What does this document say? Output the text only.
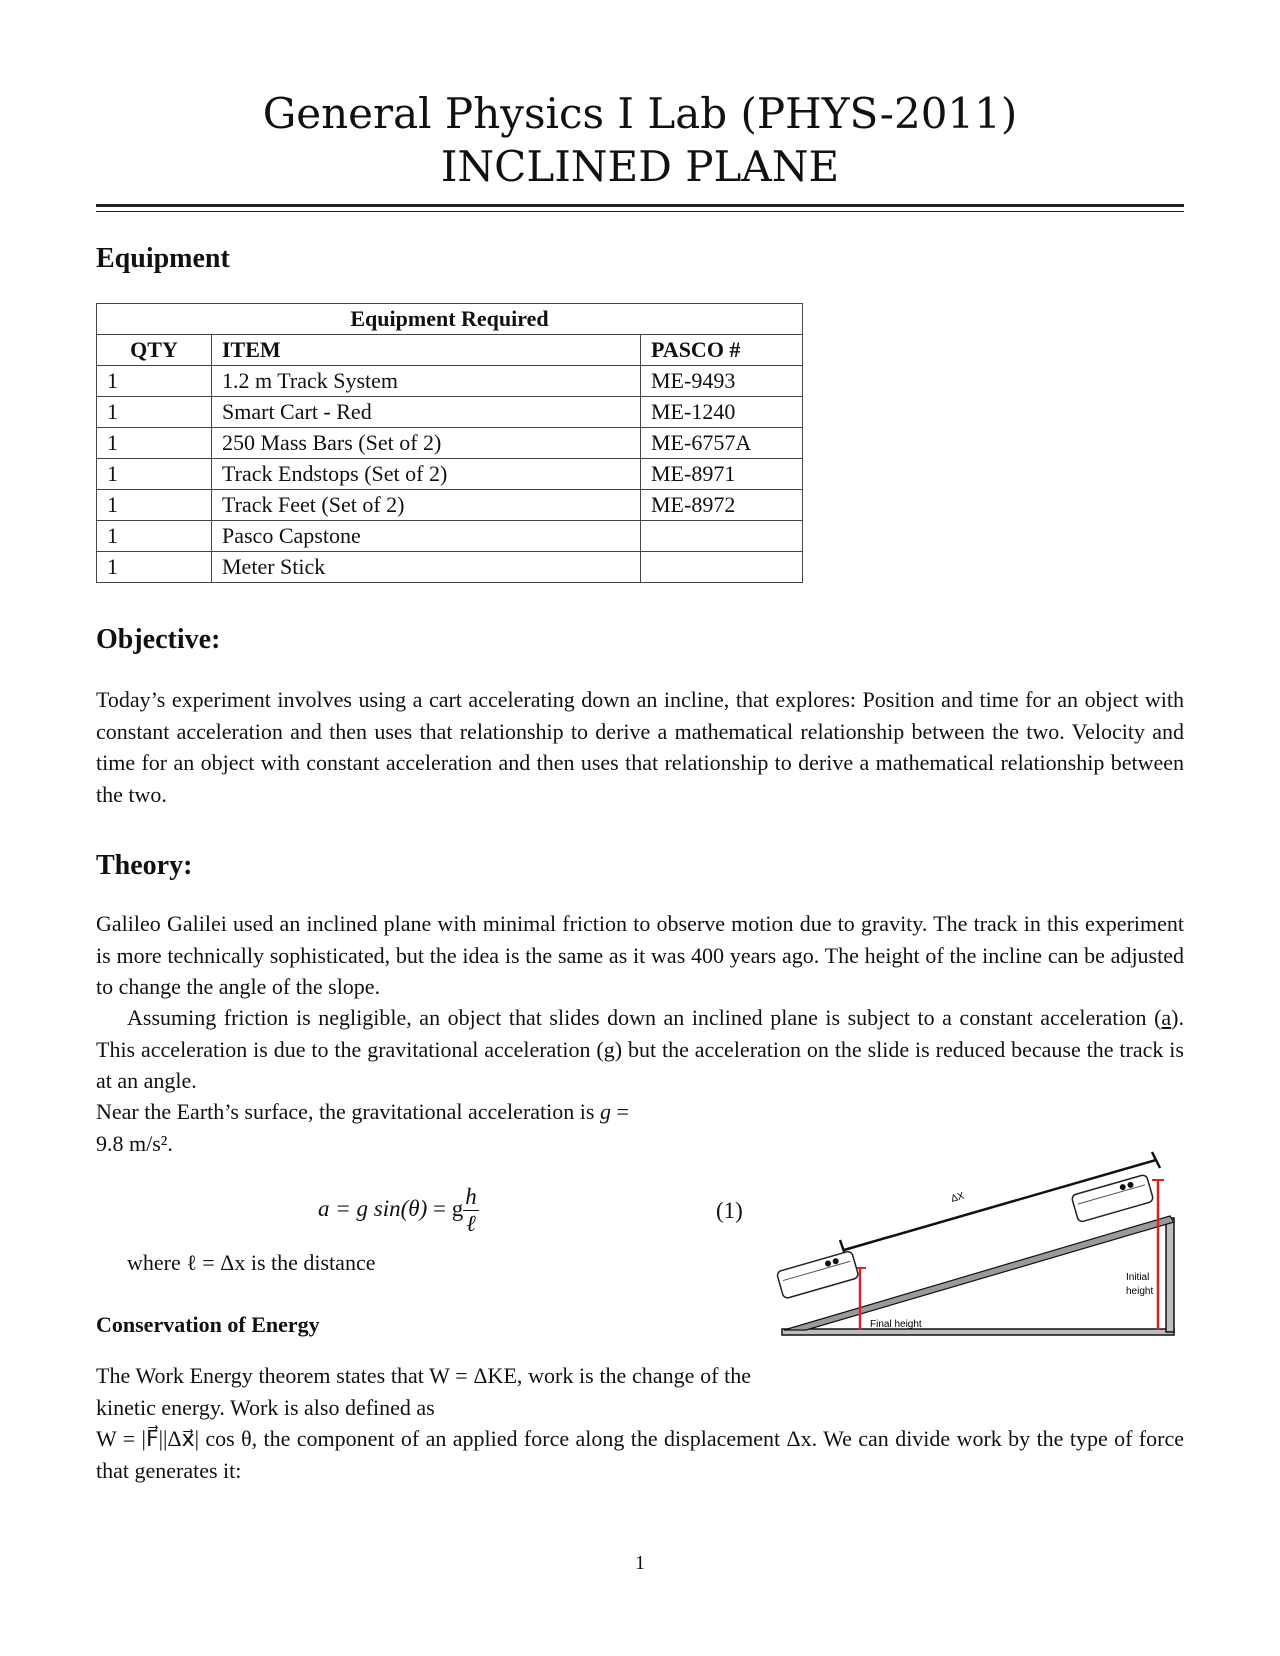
General Physics I Lab (PHYS-2011)
INCLINED PLANE
Equipment
Equipment Required		
QTY	ITEM	PASCO #
1	1.2 m Track System	ME-9493
1	Smart Cart - Red	ME-1240
1	250 Mass Bars (Set of 2)	ME-6757A
1	Track Endstops (Set of 2)	ME-8971
1	Track Feet (Set of 2)	ME-8972
1	Pasco Capstone	
1	Meter Stick	
Objective:
Today’s experiment involves using a cart accelerating down an incline, that explores: Position and time for an object with constant acceleration and then uses that relationship to derive a mathematical relationship between the two. Velocity and time for an object with constant acceleration and then uses that relationship to derive a mathematical relationship between the two.
Theory:
Galileo Galilei used an inclined plane with minimal friction to observe motion due to gravity. The track in this experiment is more technically sophisticated, but the idea is the same as it was 400 years ago. The height of the incline can be adjusted to change the angle of the slope.
Assuming friction is negligible, an object that slides down an inclined plane is subject to a constant acceleration (a). This acceleration is due to the gravitational acceleration (g) but the acceleration on the slide is reduced because the track is at an angle.
Near the Earth’s surface, the gravitational acceleration is g =
9.8 m/s².
a = g sin(θ) = g $\frac{h}{\text{ℓ}}$	(1)
where ℓ = Δx is the distance
ΔX
Final height
Initial
height
Conservation of Energy
The Work Energy theorem states that W = ΔKE, work is the change of the kinetic energy. Work is also defined as
W = |F⃗||Δx⃗| cos θ, the component of an applied force along the displacement Δx. We can divide work by the type of force that generates it:
1
